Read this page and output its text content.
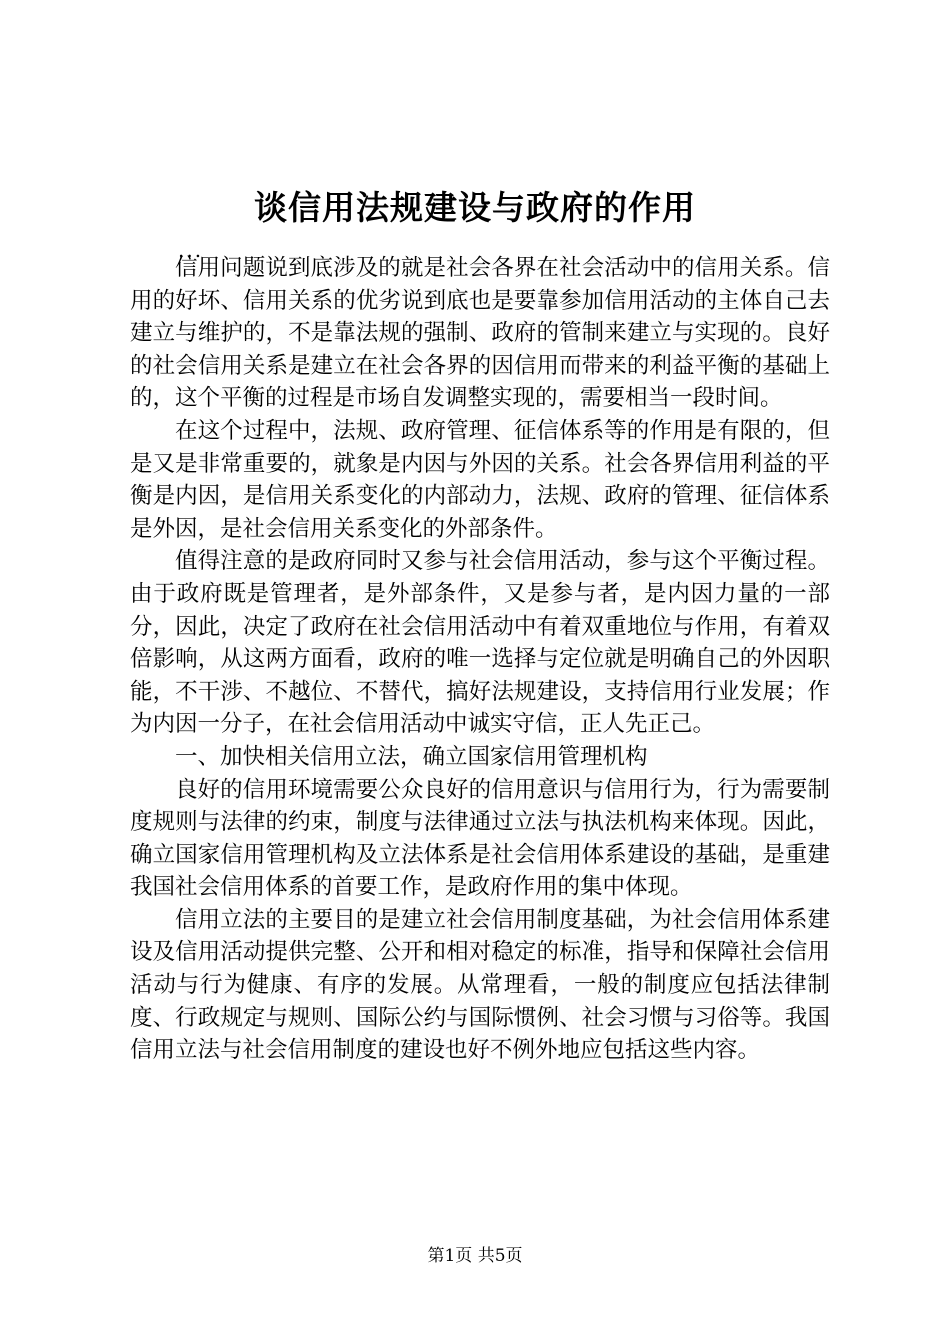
谈信用法规建设与政府的作用
...

信用问题说到底涉及的就是社会各界在社会活动中的信用关系。信用的好坏、信用关系的优劣说到底也是要靠参加信用活动的主体自己去建立与维护的，不是靠法规的强制、政府的管制来建立与实现的。良好的社会信用关系是建立在社会各界的因信用而带来的利益平衡的基础上的，这个平衡的过程是市场自发调整实现的，需要相当一段时间。

在这个过程中，法规、政府管理、征信体系等的作用是有限的，但是又是非常重要的，就象是内因与外因的关系。社会各界信用利益的平衡是内因，是信用关系变化的内部动力，法规、政府的管理、征信体系是外因，是社会信用关系变化的外部条件。

值得注意的是政府同时又参与社会信用活动，参与这个平衡过程。由于政府既是管理者，是外部条件，又是参与者，是内因力量的一部分，因此，决定了政府在社会信用活动中有着双重地位与作用，有着双倍影响，从这两方面看，政府的唯一选择与定位就是明确自己的外因职能，不干涉、不越位、不替代，搞好法规建设，支持信用行业发展；作为内因一分子，在社会信用活动中诚实守信，正人先正己。

一、加快相关信用立法，确立国家信用管理机构

良好的信用环境需要公众良好的信用意识与信用行为，行为需要制度规则与法律的约束，制度与法律通过立法与执法机构来体现。因此，确立国家信用管理机构及立法体系是社会信用体系建设的基础，是重建我国社会信用体系的首要工作，是政府作用的集中体现。

信用立法的主要目的是建立社会信用制度基础，为社会信用体系建设及信用活动提供完整、公开和相对稳定的标准，指导和保障社会信用活动与行为健康、有序的发展。从常理看，一般的制度应包括法律制度、行政规定与规则、国际公约与国际惯例、社会习惯与习俗等。我国信用立法与社会信用制度的建设也好不例外地应包括这些内容。

第1页 共5页
